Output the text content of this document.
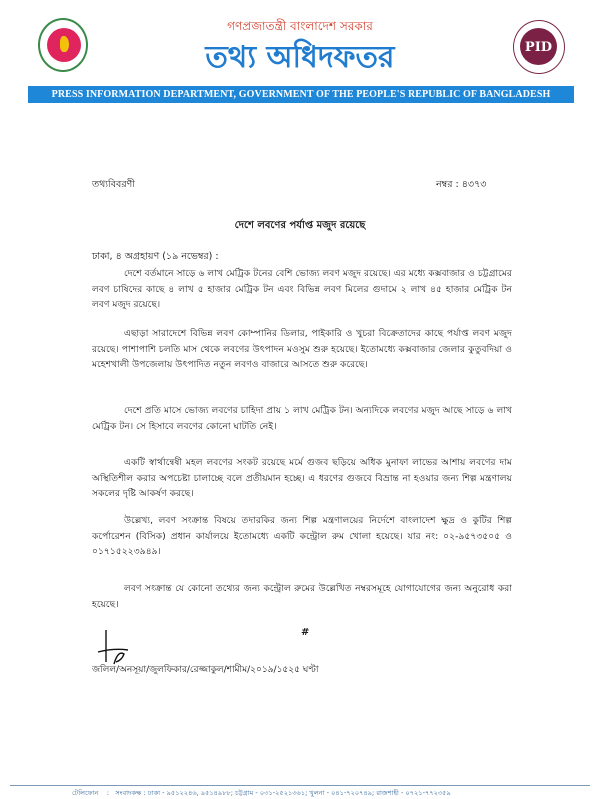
গণপ্রজাতন্ত্রী বাংলাদেশ সরকার
তথ্য অধিদফতর	PID
PRESS INFORMATION DEPARTMENT, GOVERNMENT OF THE PEOPLE'S REPUBLIC OF BANGLADESH
তথ্যবিবরণী	নম্বর : ৪৩৭৩
দেশে লবণের পর্যাপ্ত মজুদ রয়েছে
ঢাকা, ৪ অগ্রহায়ণ (১৯ নভেম্বর) :
দেশে বর্তমানে সাড়ে ৬ লাখ মেট্রিক টনের বেশি ভোজ্য লবণ মজুদ রয়েছে। এর মধ্যে কক্সবাজার ও চট্টগ্রামের লবণ চাষিদের কাছে ৪ লাখ ৫ হাজার মেট্রিক টন এবং বিভিন্ন লবণ মিলের গুদামে ২ লাখ ৪৫ হাজার মেট্রিক টন লবণ মজুদ রয়েছে।
এছাড়া সারাদেশে বিভিন্ন লবণ কোম্পানির ডিলার, পাইকারি ও খুচরা বিক্রেতাদের কাছে পর্যাপ্ত লবণ মজুদ রয়েছে। পাশাপাশি চলতি মাস থেকে লবণের উৎপাদন মওসুম শুরু হয়েছে। ইতোমধ্যে কক্সবাজার জেলার কুতুবদিয়া ও মহেশখালী উপজেলায় উৎপাদিত নতুন লবণও বাজারে আসতে শুরু করেছে।
দেশে প্রতি মাসে ভোজ্য লবণের চাহিদা প্রায় ১ লাখ মেট্রিক টন। অন্যদিকে লবণের মজুদ আছে সাড়ে ৬ লাখ মেট্রিক টন। সে হিসাবে লবণের কোনো ঘাটতি নেই।
একটি স্বার্থান্বেষী মহল লবণের সংকট রয়েছে মর্মে গুজব ছড়িয়ে অধিক মুনাফা লাভের আশায় লবণের দাম অস্থিতিশীল করার অপচেষ্টা চালাচ্ছে বলে প্রতীয়মান হচ্ছে। এ ধরণের গুজবে বিভ্রান্ত না হওয়ার জন্য শিল্প মন্ত্রণালয় সকলের দৃষ্টি আকর্ষণ করছে।
উল্লেখ্য, লবণ সংক্রান্ত বিষয়ে তদারকির জন্য শিল্প মন্ত্রণালয়ের নির্দেশে বাংলাদেশ ক্ষুদ্র ও কুটির শিল্প কর্পোরেশন (বিসিক) প্রধান কার্যালয়ে ইতোমধ্যে একটি কন্ট্রোল রুম খোলা হয়েছে। যার নং: ০২-৯৫৭৩৫০৫ ও ০১৭১৫২২৩৯৪৯।
লবণ সংক্রান্ত যে কোনো তথ্যের জন্য কন্ট্রোল রুমের উল্লেখিত নম্বরসমূহে যোগাযোগের জন্য অনুরোধ করা হয়েছে।
#
জলিল/অনসূয়া/জুলফিকার/রেজ্জাকুল/শামীম/২০১৯/১৫২৫ ঘণ্টা
টেলিফোন : সংবাদকক্ষ : ঢাকা - ৯৫১২২৪৬, ৯৫১৪৯৮৮; চট্টগ্রাম - ০৩১-২৫২১৩৬১; খুলনা - ০৪১-৭২০৭৪৯; রাজশাহী - ০৭২১-৭৭২৩৫৯
